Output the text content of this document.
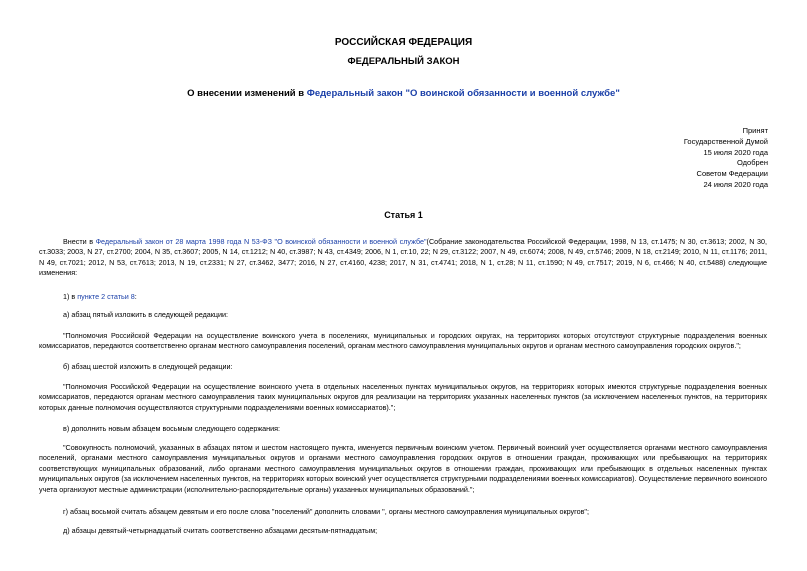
РОССИЙСКАЯ ФЕДЕРАЦИЯ
ФЕДЕРАЛЬНЫЙ ЗАКОН
О внесении изменений в Федеральный закон "О воинской обязанности и военной службе"
Принят
Государственной Думой
15 июля 2020 года
Одобрен
Советом Федерации
24 июля 2020 года
Статья 1
Внести в Федеральный закон от 28 марта 1998 года N 53-ФЗ "О воинской обязанности и военной службе"(Собрание законодательства Российской Федерации, 1998, N 13, ст.1475; N 30, ст.3613; 2002, N 30, ст.3033; 2003, N 27, ст.2700; 2004, N 35, ст.3607; 2005, N 14, ст.1212; N 40, ст.3987; N 43, ст.4349; 2006, N 1, ст.10, 22; N 29, ст.3122; 2007, N 49, ст.6074; 2008, N 49, ст.5746; 2009, N 18, ст.2149; 2010, N 11, ст.1176; 2011, N 49, ст.7021; 2012, N 53, ст.7613; 2013, N 19, ст.2331; N 27, ст.3462, 3477; 2016, N 27, ст.4160, 4238; 2017, N 31, ст.4741; 2018, N 1, ст.28; N 11, ст.1590; N 49, ст.7517; 2019, N 6, ст.466; N 40, ст.5488) следующие изменения:
1) в пункте 2 статьи 8:
а) абзац пятый изложить в следующей редакции:
"Полномочия Российской Федерации на осуществление воинского учета в поселениях, муниципальных и городских округах, на территориях которых отсутствуют структурные подразделения военных комиссариатов, передаются соответственно органам местного самоуправления поселений, органам местного самоуправления муниципальных округов и органам местного самоуправления городских округов.";
б) абзац шестой изложить в следующей редакции:
"Полномочия Российской Федерации на осуществление воинского учета в отдельных населенных пунктах муниципальных округов, на территориях которых имеются структурные подразделения военных комиссариатов, передаются органам местного самоуправления таких муниципальных округов для реализации на территориях указанных населенных пунктов (за исключением населенных пунктов, на территориях которых данные полномочия осуществляются структурными подразделениями военных комиссариатов).";
в) дополнить новым абзацем восьмым следующего содержания:
"Совокупность полномочий, указанных в абзацах пятом и шестом настоящего пункта, именуется первичным воинским учетом. Первичный воинский учет осуществляется органами местного самоуправления поселений, органами местного самоуправления муниципальных округов и органами местного самоуправления городских округов в отношении граждан, проживающих или пребывающих на территориях соответствующих муниципальных образований, либо органами местного самоуправления муниципальных округов в отношении граждан, проживающих или пребывающих в отдельных населенных пунктах муниципальных округов (за исключением населенных пунктов, на территориях которых воинский учет осуществляется структурными подразделениями военных комиссариатов). Осуществление первичного воинского учета организуют местные администрации (исполнительно-распорядительные органы) указанных муниципальных образований.";
г) абзац восьмой считать абзацем девятым и его после слова "поселений" дополнить словами ", органы местного самоуправления муниципальных округов";
д) абзацы девятый-четырнадцатый считать соответственно абзацами десятым-пятнадцатым;
